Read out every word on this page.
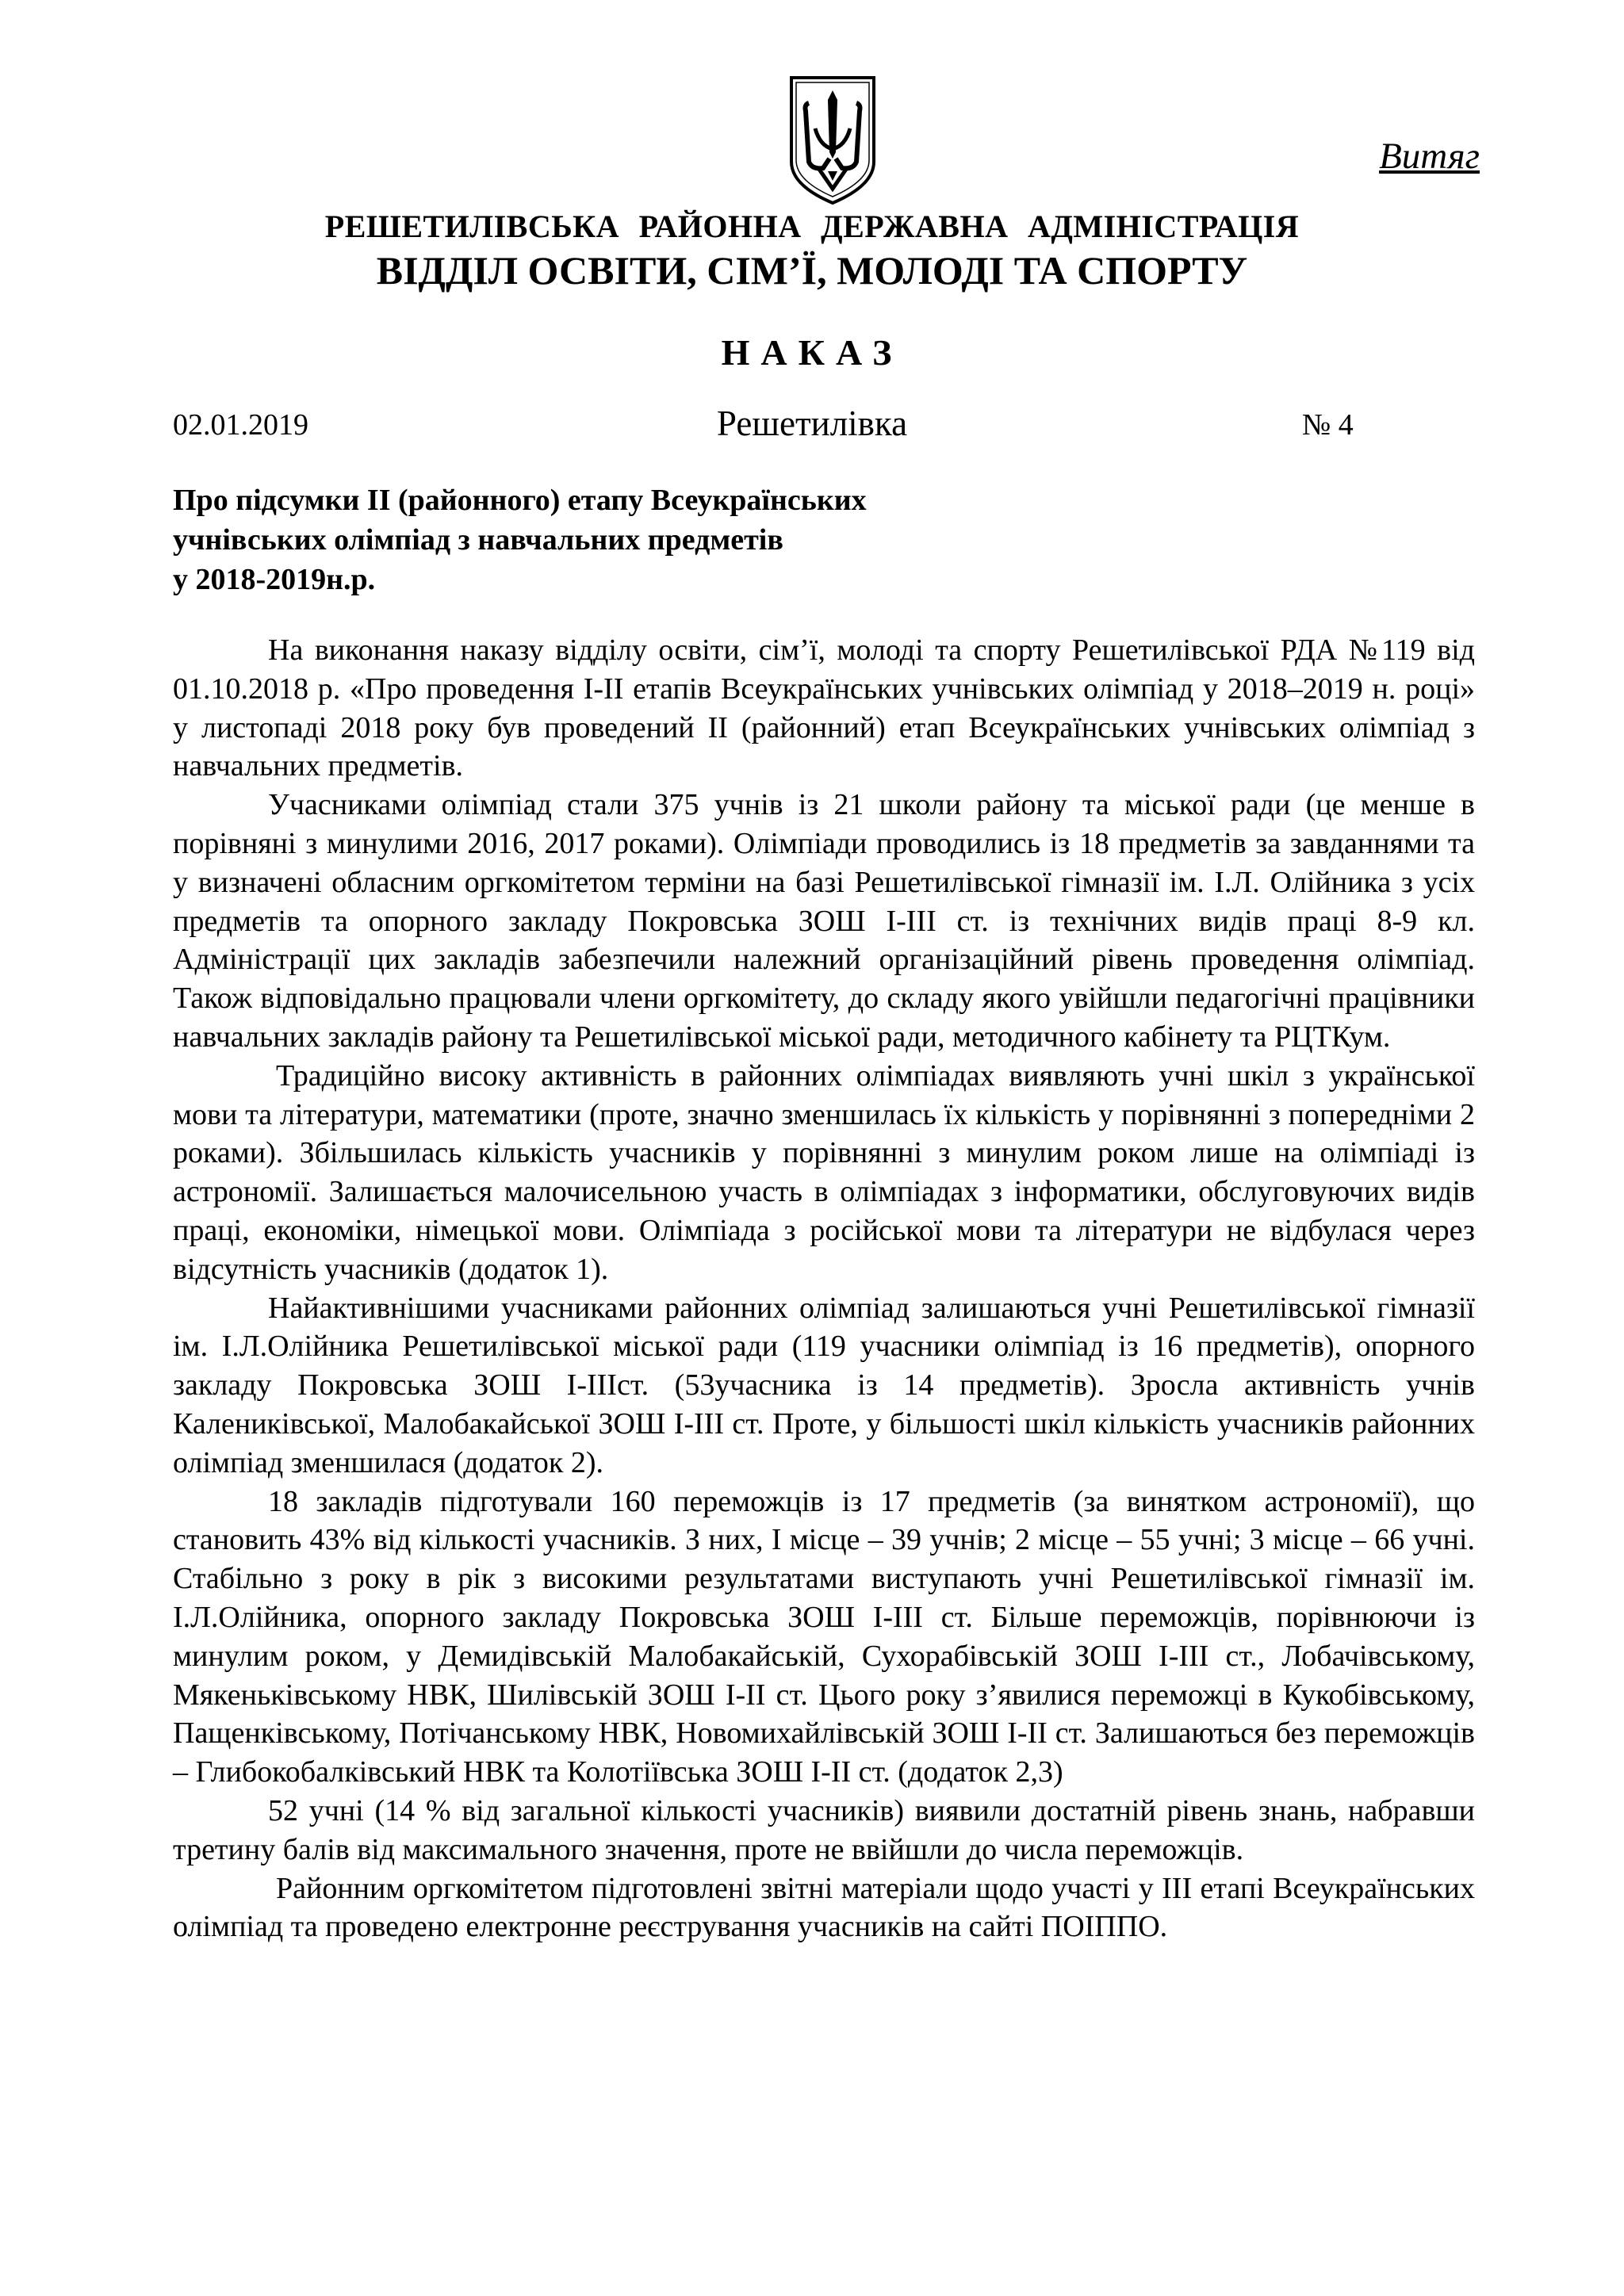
Витяг
РЕШЕТИЛІВСЬКА РАЙОННА ДЕРЖАВНА АДМІНІСТРАЦІЯ
ВІДДІЛ ОСВІТИ, СІМ’Ї, МОЛОДІ ТА СПОРТУ
НАКАЗ
02.01.2019	Решетилівка	№ 4
Про підсумки ІІ (районного) етапу Всеукраїнських
учнівських олімпіад з навчальних предметів
у 2018-2019н.р.

На виконання наказу відділу освіти, сім’ї, молоді та спорту Решетилівської РДА №119 від 01.10.2018 р. «Про проведення І-ІІ етапів Всеукраїнських учнівських олімпіад у 2018–2019 н. році» у листопаді 2018 року був проведений ІІ (районний) етап Всеукраїнських учнівських олімпіад з навчальних предметів.

Учасниками олімпіад стали 375 учнів із 21 школи району та міської ради (це менше в порівняні з минулими 2016, 2017 роками). Олімпіади проводились із 18 предметів за завданнями та у визначені обласним оргкомітетом терміни на базі Решетилівської гімназії ім. І.Л. Олійника з усіх предметів та опорного закладу Покровська ЗОШ І-ІІІ ст. із технічних видів праці 8-9 кл. Адміністрації цих закладів забезпечили належний організаційний рівень проведення олімпіад. Також відповідально працювали члени оргкомітету, до складу якого увійшли педагогічні працівники навчальних закладів району та Решетилівської міської ради, методичного кабінету та РЦТКум.

Традиційно високу активність в районних олімпіадах виявляють учні шкіл з української мови та літератури, математики (проте, значно зменшилась їх кількість у порівнянні з попередніми 2 роками). Збільшилась кількість учасників у порівнянні з минулим роком лише на олімпіаді із астрономії. Залишається малочисельною участь в олімпіадах з інформатики, обслуговуючих видів праці, економіки, німецької мови. Олімпіада з російської мови та літератури не відбулася через відсутність учасників (додаток 1).

Найактивнішими учасниками районних олімпіад залишаються учні Решетилівської гімназії ім. І.Л.Олійника Решетилівської міської ради (119 учасники олімпіад із 16 предметів), опорного закладу Покровська ЗОШ І-ІІІст. (53учасника із 14 предметів). Зросла активність учнів Калениківської, Малобакайської ЗОШ І-ІІІ ст. Проте, у більшості шкіл кількість учасників районних олімпіад зменшилася (додаток 2).

18 закладів підготували 160 переможців із 17 предметів (за винятком астрономії), що становить 43% від кількості учасників. З них, І місце – 39 учнів; 2 місце – 55 учні; 3 місце – 66 учні. Стабільно з року в рік з високими результатами виступають учні Решетилівської гімназії ім. І.Л.Олійника, опорного закладу Покровська ЗОШ І-ІІІ ст. Більше переможців, порівнюючи із минулим роком, у Демидівській Малобакайській, Сухорабівській ЗОШ І-ІІІ ст., Лобачівському, Мякеньківському НВК, Шилівській ЗОШ І-ІІ ст. Цього року з’явилися переможці в Кукобівському, Пащенківському, Потічанському НВК, Новомихайлівській ЗОШ І-ІІ ст. Залишаються без переможців – Глибокобалківський НВК та Колотіївська ЗОШ І-ІІ ст. (додаток 2,3)

52 учні (14 % від загальної кількості учасників) виявили достатній рівень знань, набравши третину балів від максимального значення, проте не ввійшли до числа переможців.

Районним оргкомітетом підготовлені звітні матеріали щодо участі у ІІІ етапі Всеукраїнських олімпіад та проведено електронне реєстрування учасників на сайті ПОІППО.
